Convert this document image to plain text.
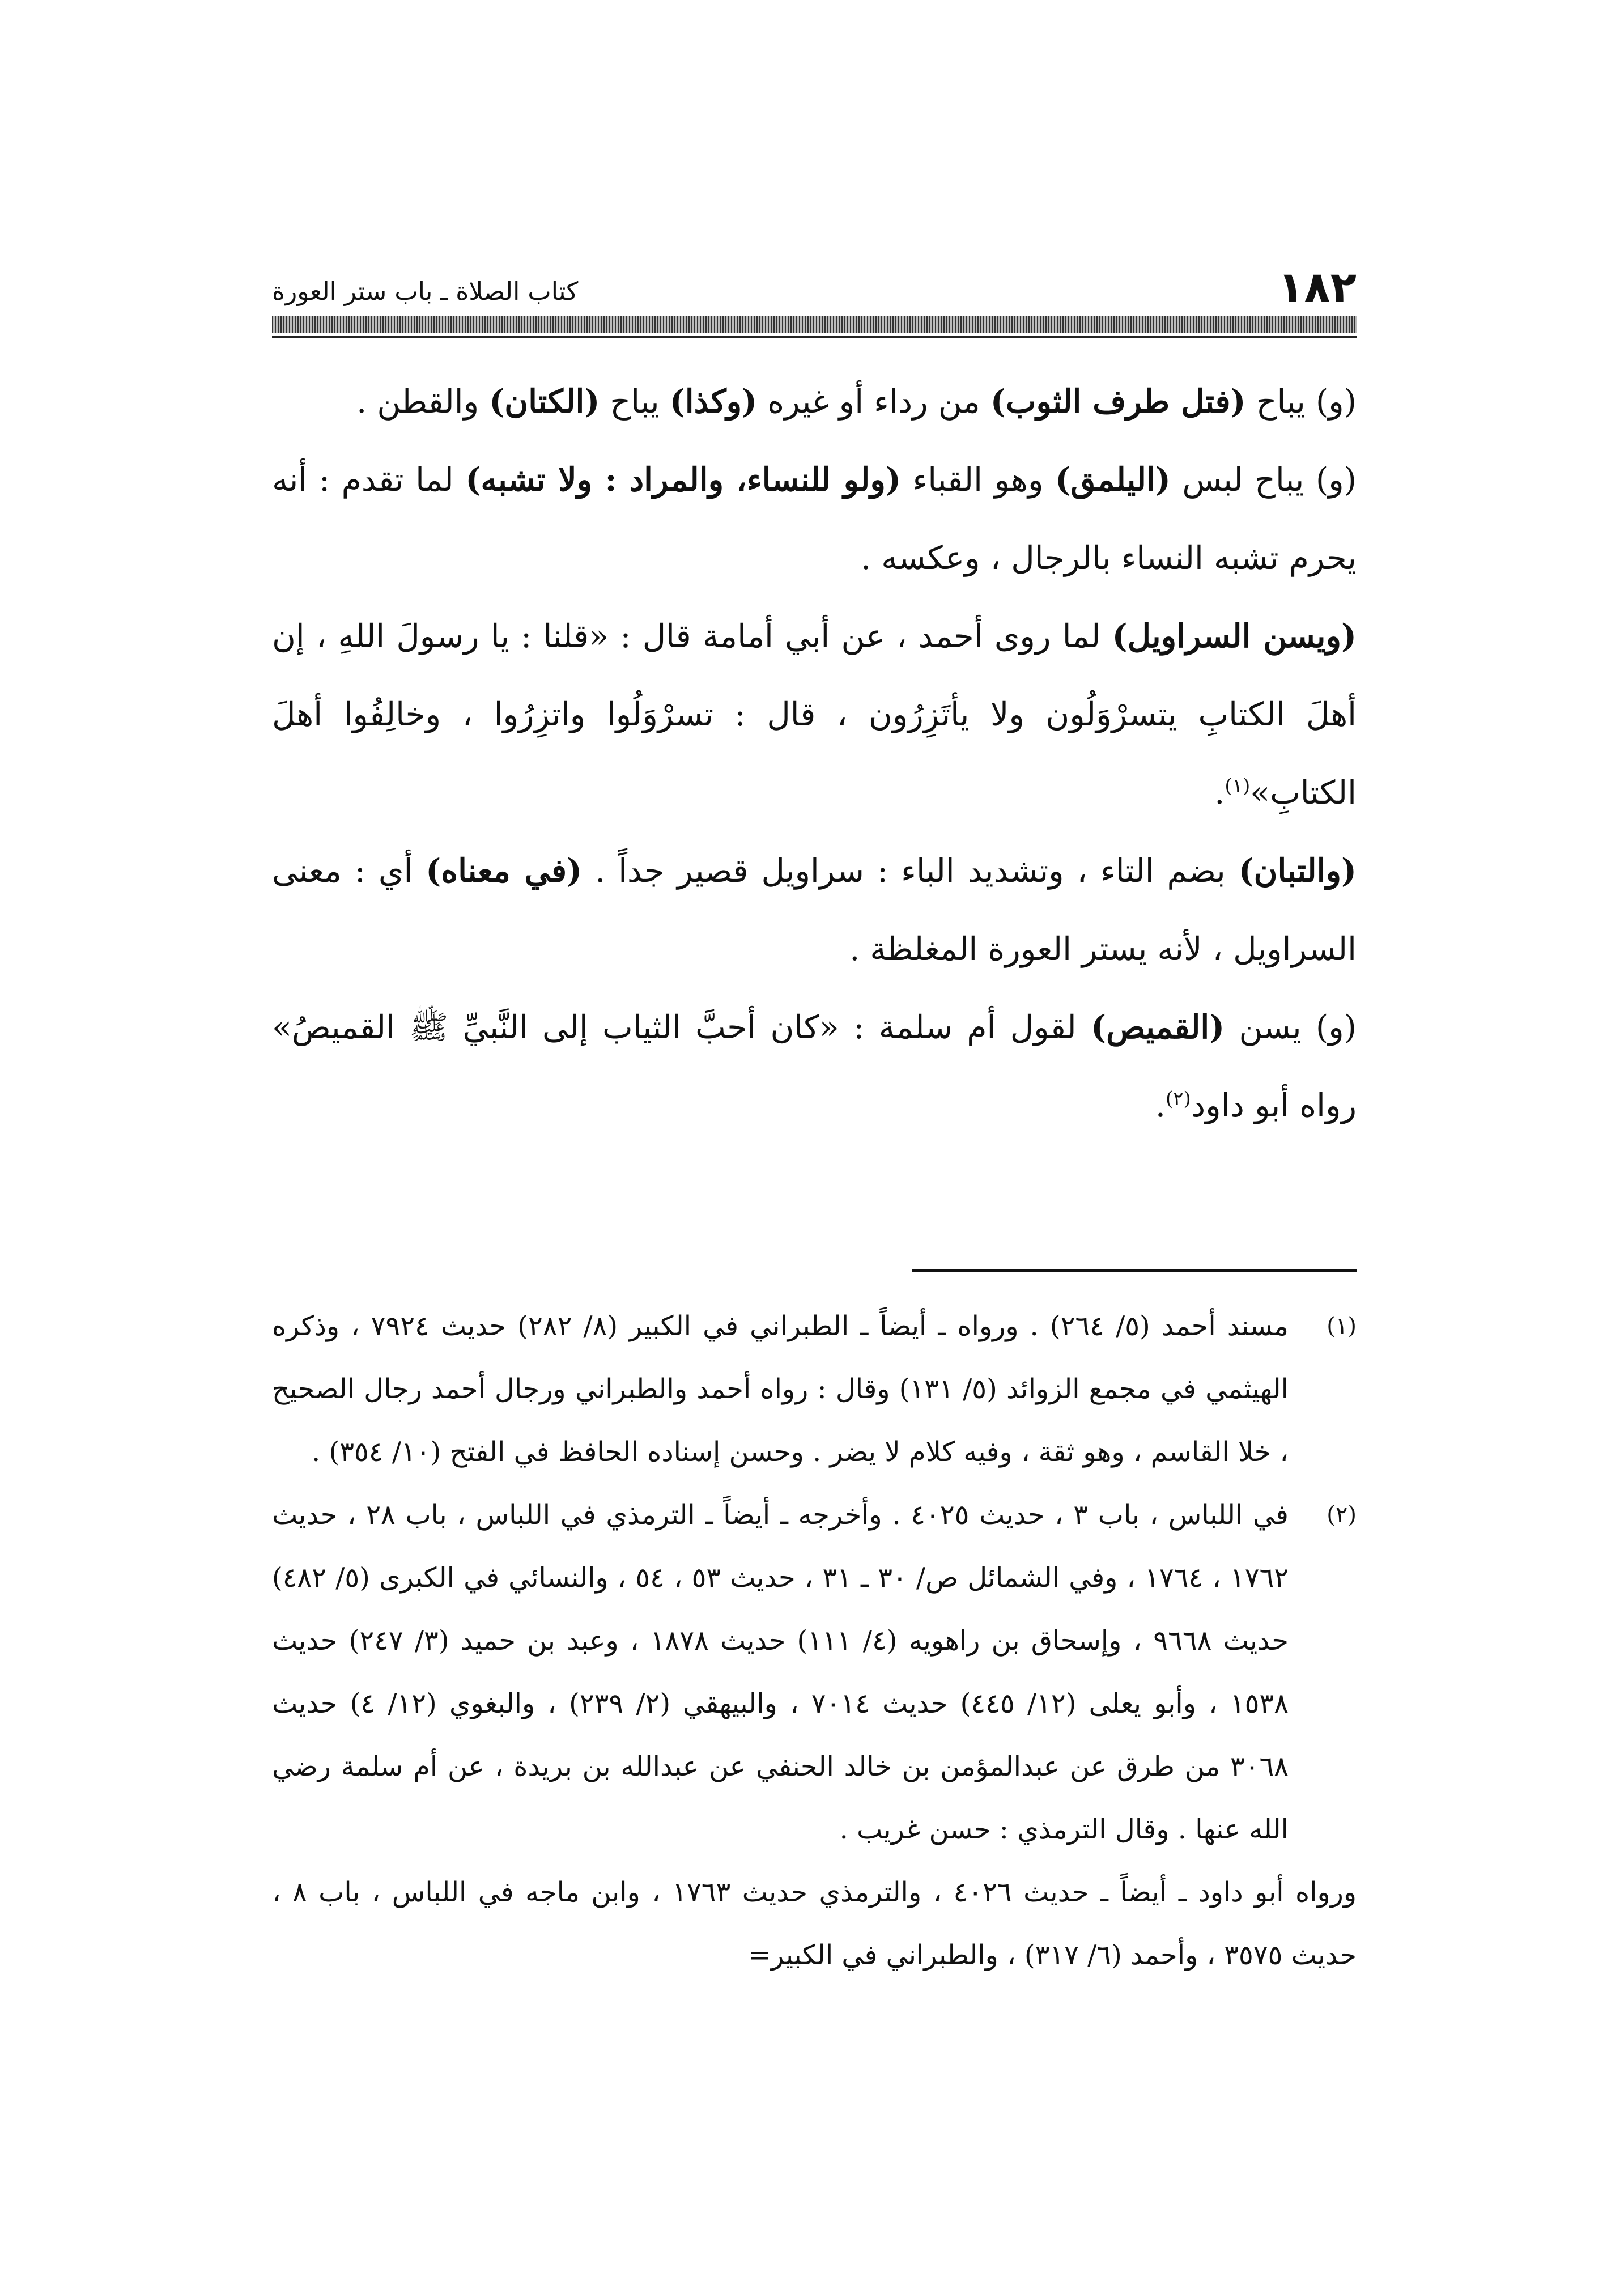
١٨٢
كتاب الصلاة ـ باب ستر العورة

(و) يباح (فتل طرف الثوب) من رداء أو غيره (وكذا) يباح (الكتان) والقطن .

(و) يباح لبس (اليلمق) وهو القباء (ولو للنساء، والمراد : ولا تشبه) لما تقدم : أنه يحرم تشبه النساء بالرجال ، وعكسه .

(ويسن السراويل) لما روى أحمد ، عن أبي أمامة قال : «قلنا : يا رسولَ اللهِ ، إن أهلَ الكتابِ يتسرْوَلُون ولا يأتَزِرُون ، قال : تسرْوَلُوا واتزِرُوا ، وخالِفُوا أهلَ الكتابِ»$^{(١)}$.

(والتبان) بضم التاء ، وتشديد الباء : سراويل قصير جداً . (في معناه) أي : معنى السراويل ، لأنه يستر العورة المغلظة .

(و) يسن (القميص) لقول أم سلمة : «كان أحبَّ الثياب إلى النَّبيِّ ﷺ القميصُ» رواه أبو داود$^{(٢)}$.

(١)
مسند أحمد (٥/ ٢٦٤) . ورواه ـ أيضاً ـ الطبراني في الكبير (٨/ ٢٨٢) حديث ٧٩٢٤ ، وذكره الهيثمي في مجمع الزوائد (٥/ ١٣١) وقال : رواه أحمد والطبراني ورجال أحمد رجال الصحيح ، خلا القاسم ، وهو ثقة ، وفيه كلام لا يضر . وحسن إسناده الحافظ في الفتح (١٠/ ٣٥٤) .
(٢)
في اللباس ، باب ٣ ، حديث ٤٠٢٥ . وأخرجه ـ أيضاً ـ الترمذي في اللباس ، باب ٢٨ ، حديث ١٧٦٢ ، ١٧٦٤ ، وفي الشمائل ص/ ٣٠ ـ ٣١ ، حديث ٥٣ ، ٥٤ ، والنسائي في الكبرى (٥/ ٤٨٢) حديث ٩٦٦٨ ، وإسحاق بن راهويه (٤/ ١١١) حديث ١٨٧٨ ، وعبد بن حميد (٣/ ٢٤٧) حديث ١٥٣٨ ، وأبو يعلى (١٢/ ٤٤٥) حديث ٧٠١٤ ، والبيهقي (٢/ ٢٣٩) ، والبغوي (١٢/ ٤) حديث ٣٠٦٨ من طرق عن عبدالمؤمن بن خالد الحنفي عن عبدالله بن بريدة ، عن أم سلمة رضي الله عنها . وقال الترمذي : حسن غريب .
ورواه أبو داود ـ أيضاً ـ حديث ٤٠٢٦ ، والترمذي حديث ١٧٦٣ ، وابن ماجه في اللباس ، باب ٨ ، حديث ٣٥٧٥ ، وأحمد (٦/ ٣١٧) ، والطبراني في الكبير=
